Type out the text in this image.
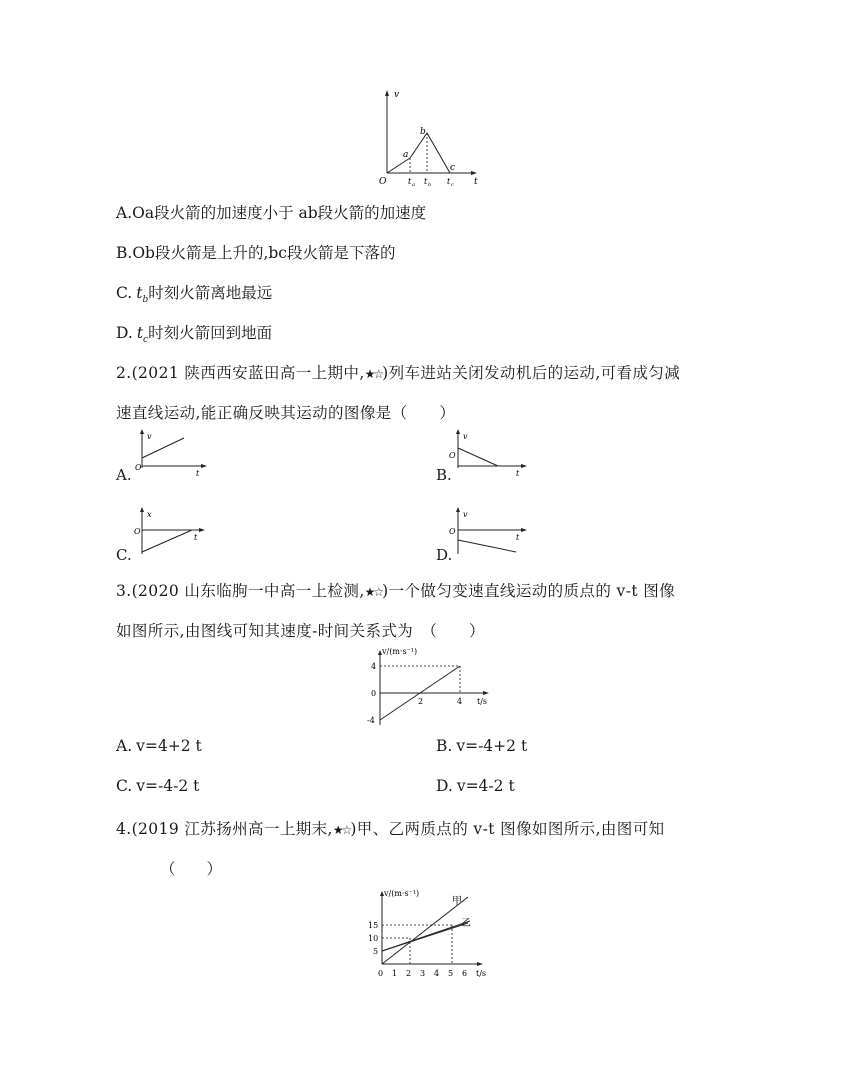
v
t
O
a
b
c
t a t b t c
A.Oa段火箭的加速度小于 ab段火箭的加速度
B.Ob段火箭是上升的,bc段火箭是下落的
C. $t_b$时刻火箭离地最远
D. $t_c$时刻火箭回到地面
2.(2021 陕西西安蓝田高一上期中,★☆)列车进站关闭发动机后的运动,可看成匀减
速直线运动,能正确反映其运动的图像是（　　）
A.
v
t
O	B.
v
t
O
C.
x
t
O
D.
v
t
O
3.(2020 山东临朐一中高一上检测,★☆)一个做匀变速直线运动的质点的 v-t 图像
如图所示,由图线可知其速度-时间关系式为　（　　）
v/(m·s⁻¹)
t/s
4
0
-4
2	4
A. v=4+2 t	B. v=-4+2 t
C. v=-4-2 t	D. v=4-2 t
4.(2019 江苏扬州高一上期末,★☆)甲、乙两质点的 v-t 图像如图所示,由图可知
（　　）
v/(m·s⁻¹)
t/s
15
10
5
0 1 2 3 4 5 6
甲
乙
